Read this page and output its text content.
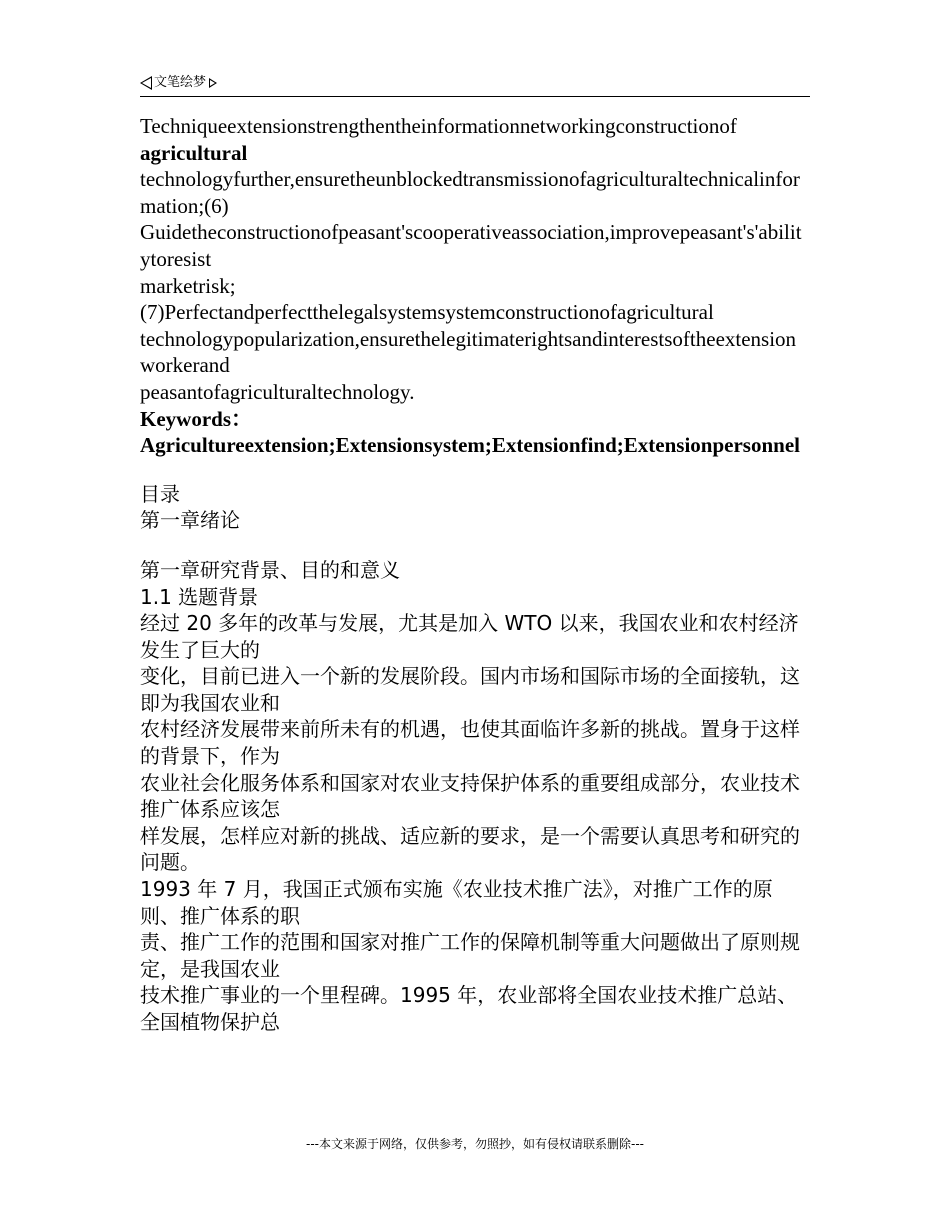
文笔绘梦

Techniqueextensionstrengthentheinformationnetworkingconstructionof

agricultural

technologyfurther,ensuretheunblockedtransmissionofagriculturaltechnicalinformation;(6)

Guidetheconstructionofpeasant'scooperativeassociation,improvepeasant's'abilitytoresist

marketrisk;

(7)Perfectandperfectthelegalsystemsystemconstructionofagricultural

technologypopularization,ensurethelegitimaterightsandinterestsoftheextensionworkerand

peasantofagriculturaltechnology.

Keywords：

Agricultureextension;Extensionsystem;Extensionfind;Extensionpersonnel

目录

第一章绪论

第一章研究背景、目的和意义

1.1 选题背景

经过 20 多年的改革与发展，尤其是加入 WTO 以来，我国农业和农村经济发生了巨大的

变化，目前已进入一个新的发展阶段。国内市场和国际市场的全面接轨，这即为我国农业和

农村经济发展带来前所未有的机遇，也使其面临许多新的挑战。置身于这样的背景下，作为

农业社会化服务体系和国家对农业支持保护体系的重要组成部分，农业技术推广体系应该怎

样发展，怎样应对新的挑战、适应新的要求，是一个需要认真思考和研究的问题。

1993 年 7 月，我国正式颁布实施《农业技术推广法》，对推广工作的原则、推广体系的职

责、推广工作的范围和国家对推广工作的保障机制等重大问题做出了原则规定，是我国农业

技术推广事业的一个里程碑。1995 年，农业部将全国农业技术推广总站、全国植物保护总

---本文来源于网络，仅供参考，勿照抄，如有侵权请联系删除---
